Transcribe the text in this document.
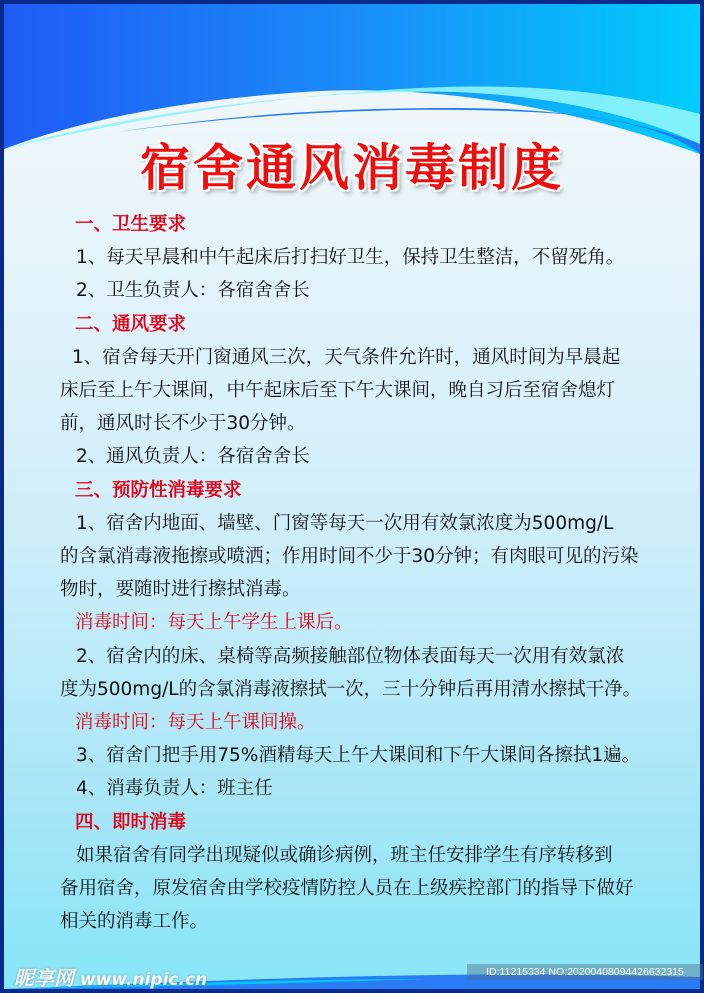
宿舍通风消毒制度
一、卫生要求
1、每天早晨和中午起床后打扫好卫生，保持卫生整洁，不留死角。
2、卫生负责人：各宿舍舍长
二、通风要求
1、宿舍每天开门窗通风三次，天气条件允许时，通风时间为早晨起
床后至上午大课间，中午起床后至下午大课间，晚自习后至宿舍熄灯
前，通风时长不少于30分钟。
2、通风负责人：各宿舍舍长
三、预防性消毒要求
1、宿舍内地面、墙壁、门窗等每天一次用有效氯浓度为500mg/L
的含氯消毒液拖擦或喷洒；作用时间不少于30分钟；有肉眼可见的污染
物时，要随时进行擦拭消毒。
消毒时间：每天上午学生上课后。
2、宿舍内的床、桌椅等高频接触部位物体表面每天一次用有效氯浓
度为500mg/L的含氯消毒液擦拭一次，三十分钟后再用清水擦拭干净。
消毒时间：每天上午课间操。
3、宿舍门把手用75%酒精每天上午大课间和下午大课间各擦拭1遍。
4、消毒负责人：班主任
四、即时消毒
如果宿舍有同学出现疑似或确诊病例，班主任安排学生有序转移到
备用宿舍，原发宿舍由学校疫情防控人员在上级疾控部门的指导下做好
相关的消毒工作。
昵享网 www.nipic.cn	ID:11215334 NO:20200408094426632315
